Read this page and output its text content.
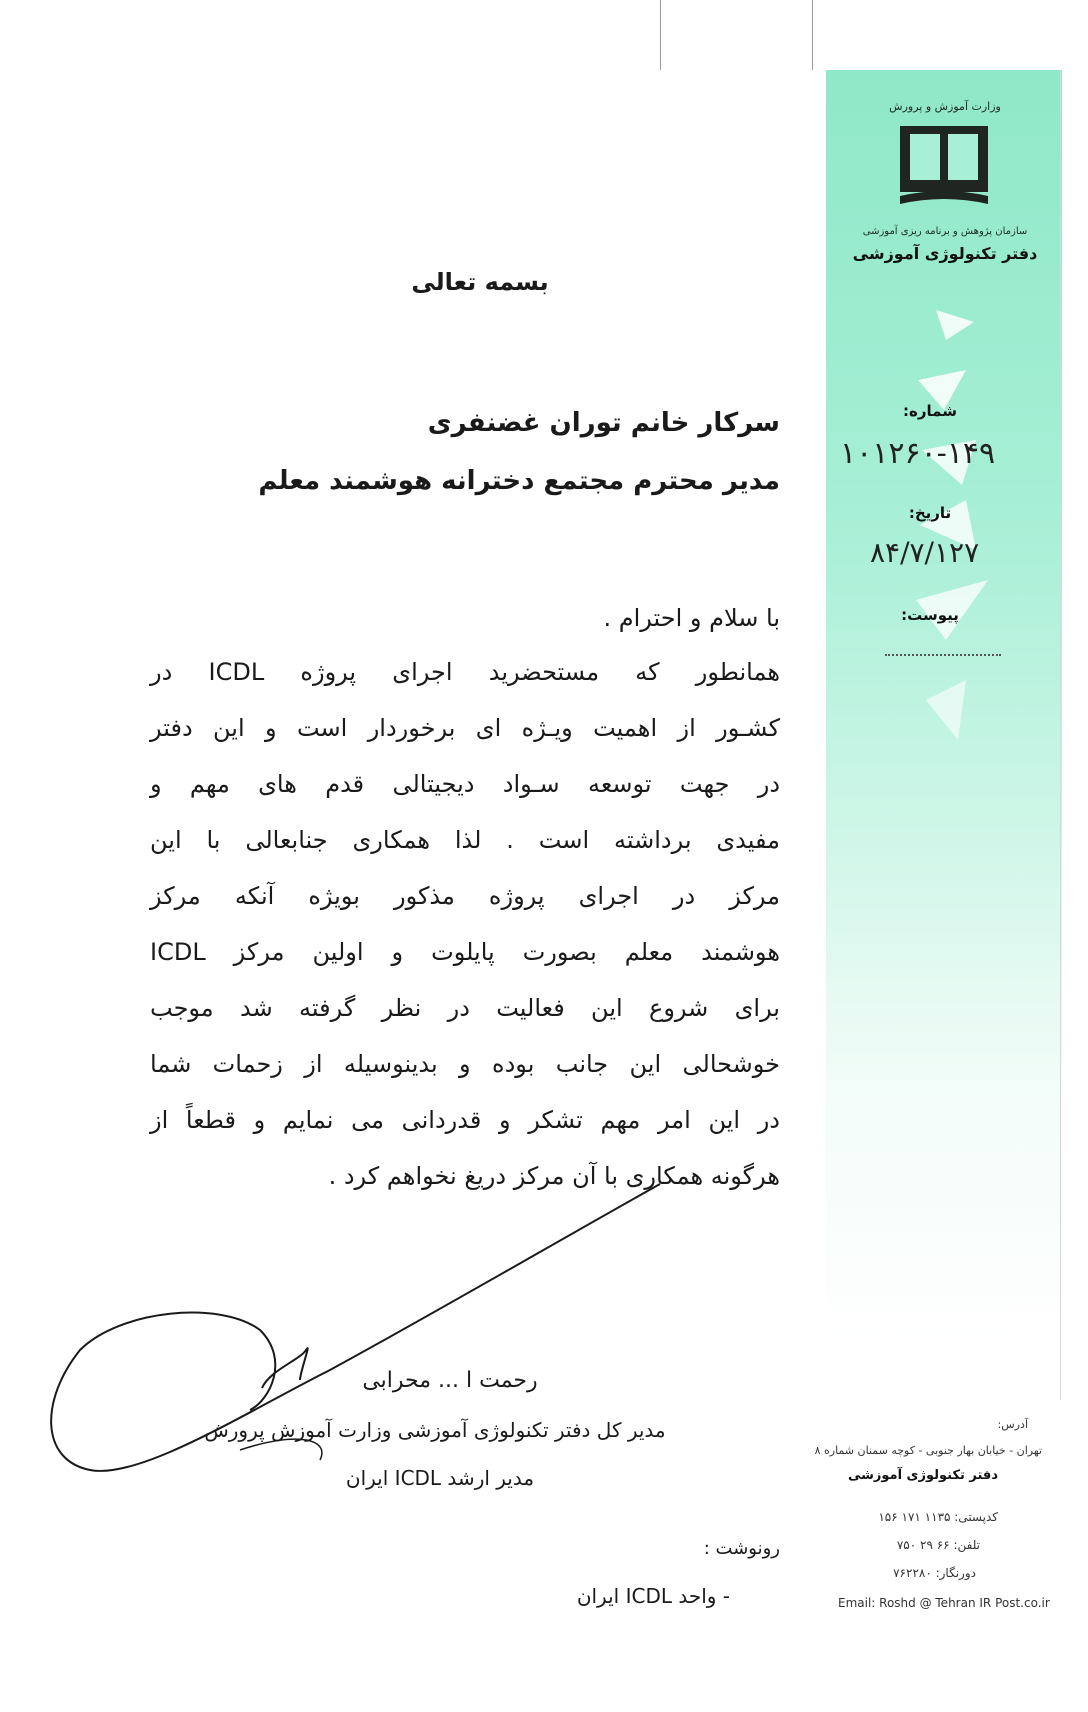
وزارت آموزش و پرورش
سازمان پژوهش و برنامه ریزی آموزشی
دفتر تکنولوژی آموزشی
شماره:
۱۰۱۲۶۰-۱۴۹
تاریخ:
۸۴/۷/۱۲۷
پیوست:
بسمه تعالی
سرکار خانم توران غضنفری
مدیر محترم مجتمع دخترانه هوشمند معلم
با سلام و احترام .
همانطور که مستحضرید اجرای پروژه ICDL در
کشـور از اهمیت ویـژه ای برخوردار است و این دفتر
در جهت توسعه سـواد دیجیتالی قدم های مهم و
مفیدی برداشته است . لذا همکاری جنابعالی با این
مرکز در اجرای پروژه مذکور بویژه آنکه مرکز
هوشمند معلم بصورت پایلوت و اولین مرکز ICDL
برای شروع این فعالیت در نظر گرفته شد موجب
خوشحالی این جانب بوده و بدینوسیله از زحمات شما
در این امر مهم تشکر و قدردانی می نمایم و قطعاً از
هرگونه همکاری با آن مرکز دریغ نخواهم کرد .
رحمت ا ... محرابی
مدیر کل دفتر تکنولوژی آموزشی وزارت آموزش پرورش
مدیر ارشد ICDL ایران
رونوشت :
- واحد ICDL ایران
آدرس:
تهران - خیابان بهار جنوبی - کوچه سمنان شماره ۸
دفتر تکنولوژی آموزشی
کدپستی: ۱۱۳۵ ۱۷۱ ۱۵۶
تلفن: ۶۶ ۲۹ ۷۵۰
دورنگار: ۷۶۲۲۸۰
Email: Roshd @ Tehran IR Post.co.ir
